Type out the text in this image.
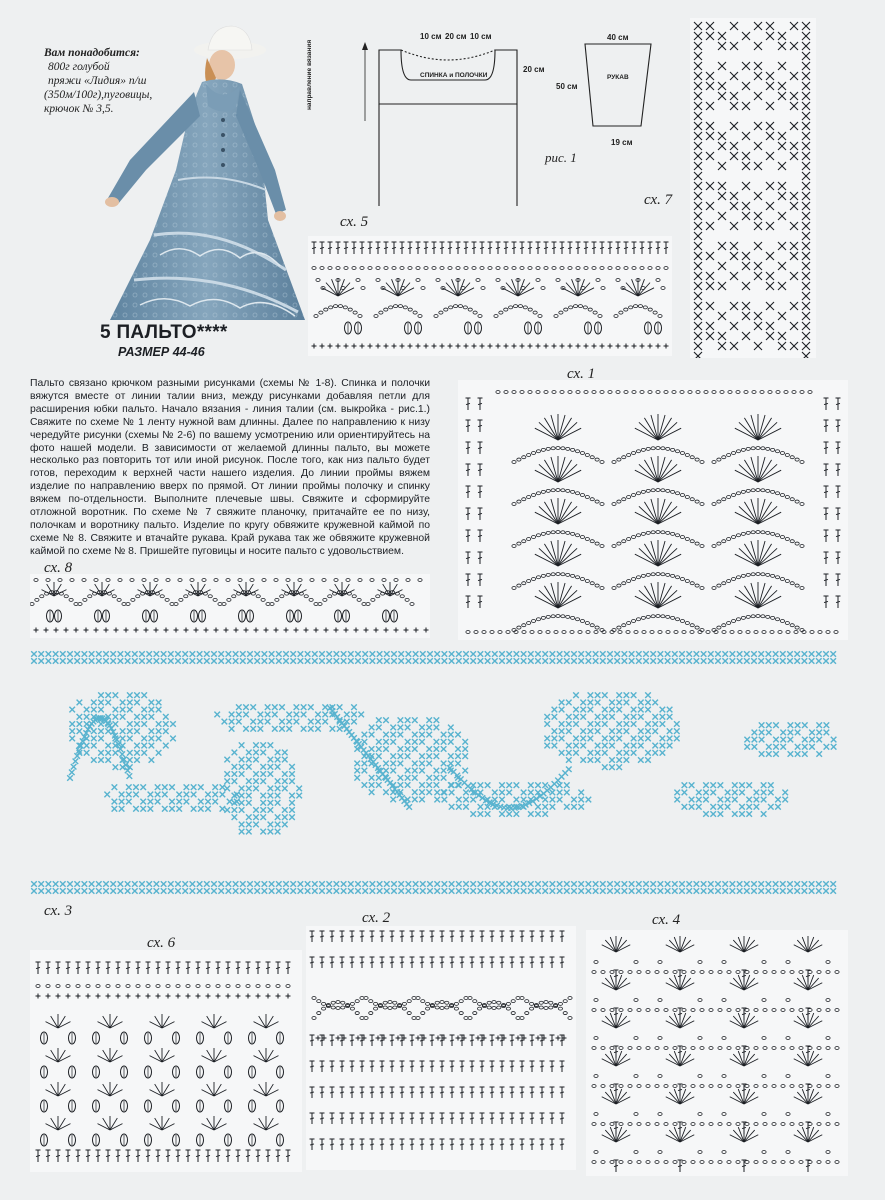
Вам понадобится:
800г голубой
пряжи «Лидия» п/ш
(350м/100г),пуговицы,
крючок № 3,5.
5 ПАЛЬТО****
РАЗМЕР 44-46
10 см 20 см 10 см
20 см
40 см
50 см
19 см
СПИНКА и ПОЛОЧКИ	РУКАВ
направление вязания
рис. 1
сх. 5
сх. 7
сх. 1
сх. 8
сх. 3	сх. 2	сх. 4
сх. 6
Пальто связано крючком разными рисунками (схемы № 1-8). Спинка и полочки вяжутся вместе от линии талии вниз, между рисунками добавляя петли для расширения юбки пальто. Начало вязания - линия талии (см. выкройка - рис.1.) Свяжите по схеме № 1 ленту нужной вам длинны. Далее по направлению к низу чередуйте рисунки (схемы № 2-6) по вашему усмотрению или ориентируйтесь на фото нашей модели. В зависимости от желаемой длинны пальто, вы можете несколько раз повторить тот или иной рисунок. После того, как низ пальто будет готов, переходим к верхней части нашего изделия. До линии проймы вяжем изделие по направлению вверх по прямой. От линии проймы полочку и спинку вяжем по-отдельности. Выполните плечевые швы. Свяжите и сформируйте отложной воротник. По схеме № 7 свяжите планочку, притачайте ее по низу, полочкам и воротнику пальто. Изделие по кругу обвяжите кружевной каймой по схеме № 8. Свяжите и втачайте рукава. Край рукава так же обвяжите кружевной каймой по схеме № 8. Пришейте пуговицы и носите пальто с удовольствием.
